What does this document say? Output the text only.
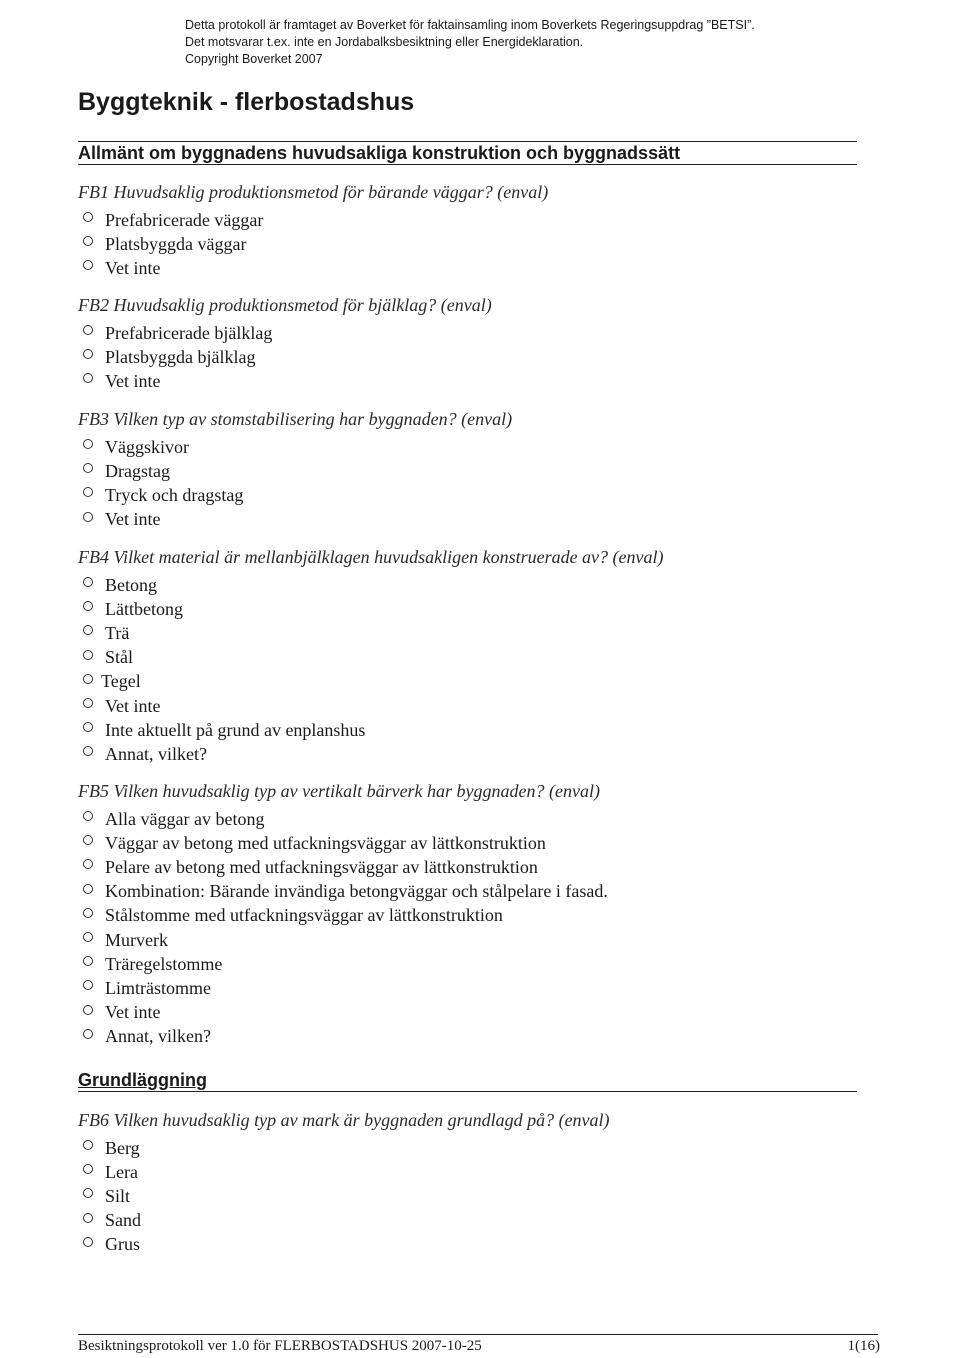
Detta protokoll är framtaget av Boverket för faktainsamling inom Boverkets Regeringsuppdrag ”BETSI”.
Det motsvarar t.ex. inte en Jordabalksbesiktning eller Energideklaration.
Copyright Boverket 2007
Byggteknik - flerbostadshus
Allmänt om byggnadens huvudsakliga konstruktion och byggnadssätt

FB1 Huvudsaklig produktionsmetod för bärande väggar? (enval)

Prefabricerade väggar
Platsbyggda väggar
Vet inte

FB2 Huvudsaklig produktionsmetod för bjälklag? (enval)

Prefabricerade bjälklag
Platsbyggda bjälklag
Vet inte

FB3 Vilken typ av stomstabilisering har byggnaden? (enval)

Väggskivor
Dragstag
Tryck och dragstag
Vet inte

FB4 Vilket material är mellanbjälklagen huvudsakligen konstruerade av? (enval)

Betong
Lättbetong
Trä
Stål
Tegel
Vet inte
Inte aktuellt på grund av enplanshus
Annat, vilket?

FB5 Vilken huvudsaklig typ av vertikalt bärverk har byggnaden? (enval)

Alla väggar av betong
Väggar av betong med utfackningsväggar av lättkonstruktion
Pelare av betong med utfackningsväggar av lättkonstruktion
Kombination: Bärande invändiga betongväggar och stålpelare i fasad.
Stålstomme med utfackningsväggar av lättkonstruktion
Murverk
Träregelstomme
Limträstomme
Vet inte
Annat, vilken?
Grundläggning

FB6 Vilken huvudsaklig typ av mark är byggnaden grundlagd på? (enval)

Berg
Lera
Silt
Sand
Grus
Besiktningsprotokoll ver 1.0 för FLERBOSTADSHUS 2007-10-25	1(16)
